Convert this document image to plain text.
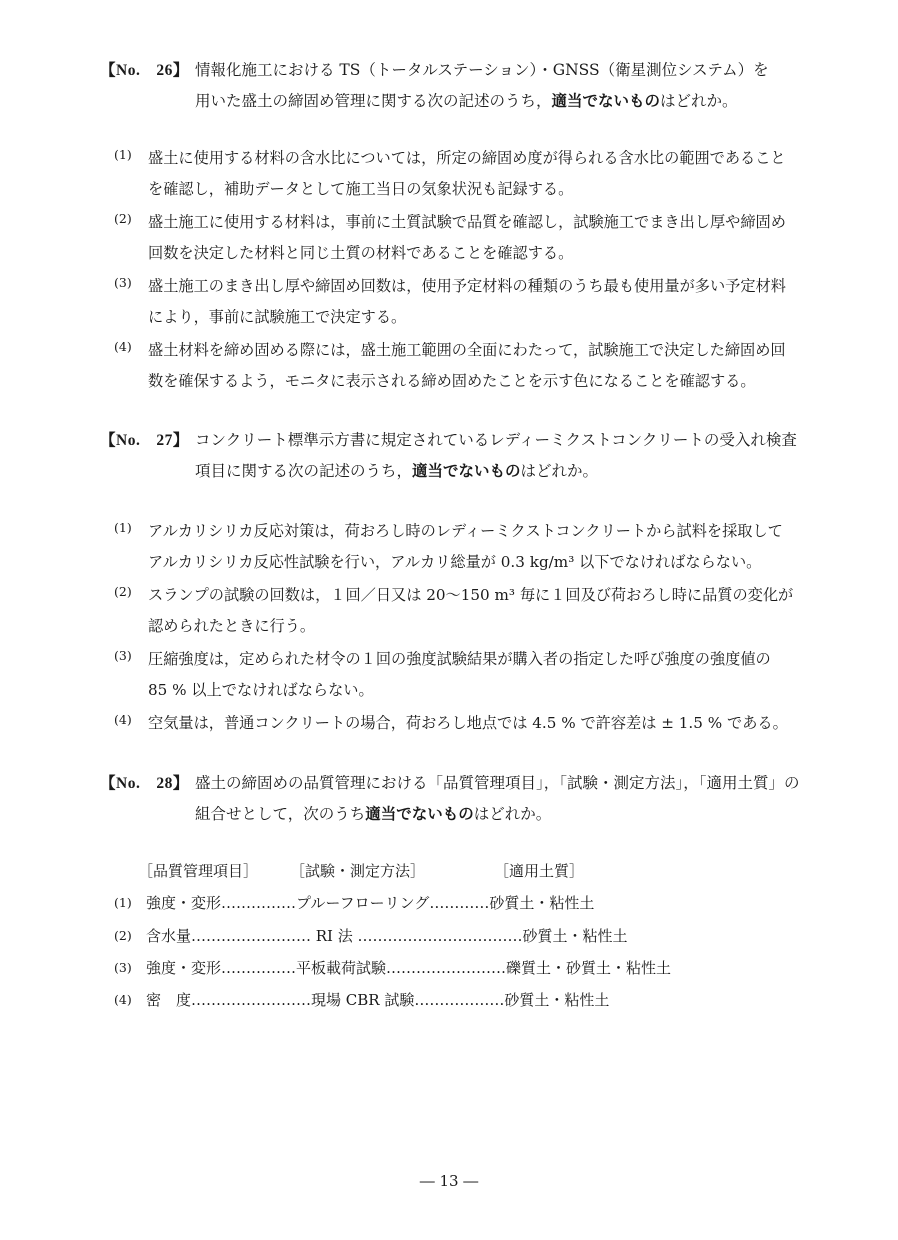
【No.　26】 情報化施工における TS（トータルステーション）・GNSS（衛星測位システム）を
用いた盛土の締固め管理に関する次の記述のうち，適当でないものはどれか。
(1) 盛土に使用する材料の含水比については，所定の締固め度が得られる含水比の範囲であること
を確認し，補助データとして施工当日の気象状況も記録する。
(2) 盛土施工に使用する材料は，事前に土質試験で品質を確認し，試験施工でまき出し厚や締固め
回数を決定した材料と同じ土質の材料であることを確認する。
(3) 盛土施工のまき出し厚や締固め回数は，使用予定材料の種類のうち最も使用量が多い予定材料
により，事前に試験施工で決定する。
(4) 盛土材料を締め固める際には，盛土施工範囲の全面にわたって，試験施工で決定した締固め回
数を確保するよう，モニタに表示される締め固めたことを示す色になることを確認する。
【No.　27】 コンクリート標準示方書に規定されているレディーミクストコンクリートの受入れ検査
項目に関する次の記述のうち，適当でないものはどれか。
(1) アルカリシリカ反応対策は，荷おろし時のレディーミクストコンクリートから試料を採取して
アルカリシリカ反応性試験を行い，アルカリ総量が 0.3 kg/m³ 以下でなければならない。
(2) スランプの試験の回数は，１回／日又は 20〜150 m³ 毎に１回及び荷おろし時に品質の変化が
認められたときに行う。
(3) 圧縮強度は，定められた材令の１回の強度試験結果が購入者の指定した呼び強度の強度値の
85 % 以上でなければならない。
(4) 空気量は，普通コンクリートの場合，荷おろし地点では 4.5 % で許容差は ± 1.5 % である。
【No.　28】 盛土の締固めの品質管理における「品質管理項目」，「試験・測定方法」，「適用土質」の
組合せとして，次のうち適当でないものはどれか。
［品質管理項目］ ［試験・測定方法］	［適用土質］
(1) 強度・変形……………プルーフローリング…………砂質土・粘性土
(2) 含水量…………………… RI 法 ……………………………砂質土・粘性土
(3) 強度・変形……………平板載荷試験……………………礫質土・砂質土・粘性土
(4) 密　度……………………現場 CBR 試験………………砂質土・粘性土
― 13 ―
